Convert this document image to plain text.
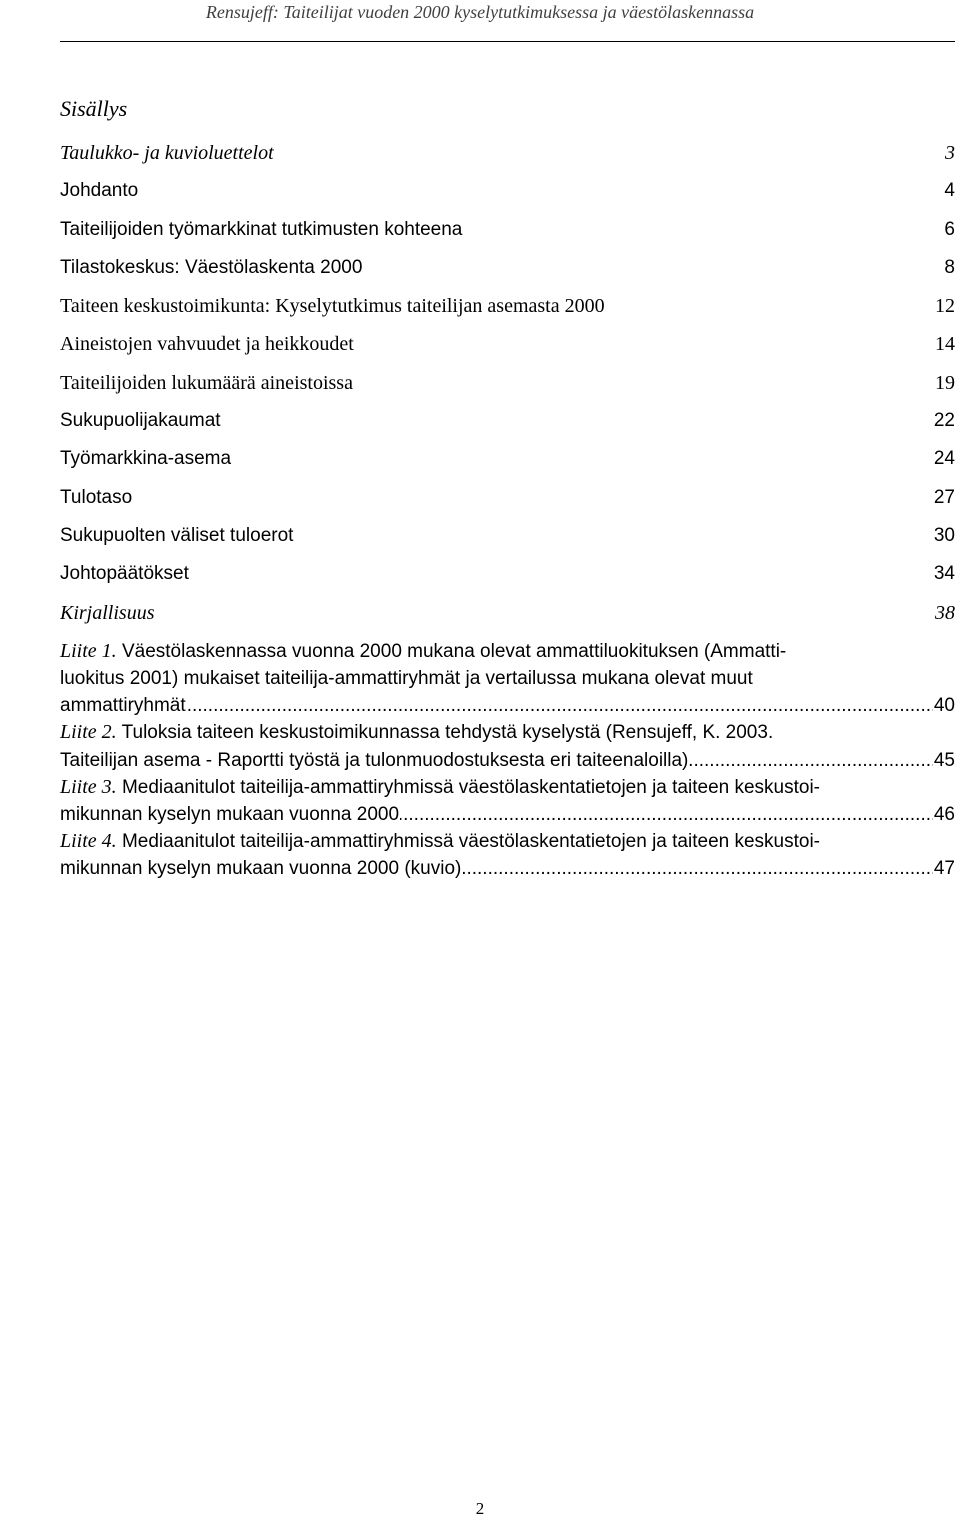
Rensujeff: Taiteilijat vuoden 2000 kyselytutkimuksessa ja väestölaskennassa
Sisällys
Taulukko- ja kuvioluettelot	3
.....
Johdanto	4
.....
Taiteilijoiden työmarkkinat tutkimusten kohteena	6
.....
Tilastokeskus: Väestölaskenta 2000	8
.....
Taiteen keskustoimikunta: Kyselytutkimus taiteilijan asemasta 2000	12
.....
Aineistojen vahvuudet ja heikkoudet	14
.....
Taiteilijoiden lukumäärä aineistoissa	19
.....
Sukupuolijakaumat	22
.....
Työmarkkina-asema	24
.....
Tulotaso	27
.....
Sukupuolten väliset tuloerot	30
.....
Johtopäätökset	34
.....
Kirjallisuus	38
.....
Liite 1. Väestölaskennassa vuonna 2000 mukana olevat ammattiluokituksen (Ammatti-
luokitus 2001) mukaiset taiteilija-ammattiryhmät ja vertailussa mukana olevat muut
ammattiryhmät	40
.....
Liite 2. Tuloksia taiteen keskustoimikunnassa tehdystä kyselystä (Rensujeff, K. 2003.
Taiteilijan asema - Raportti työstä ja tulonmuodostuksesta eri taiteenaloilla)	45
.....
Liite 3. Mediaanitulot taiteilija-ammattiryhmissä väestölaskentatietojen ja taiteen keskustoi-
mikunnan kyselyn mukaan vuonna 2000	46
.....
Liite 4. Mediaanitulot taiteilija-ammattiryhmissä väestölaskentatietojen ja taiteen keskustoi-
mikunnan kyselyn mukaan vuonna 2000 (kuvio)	47
.....
2
